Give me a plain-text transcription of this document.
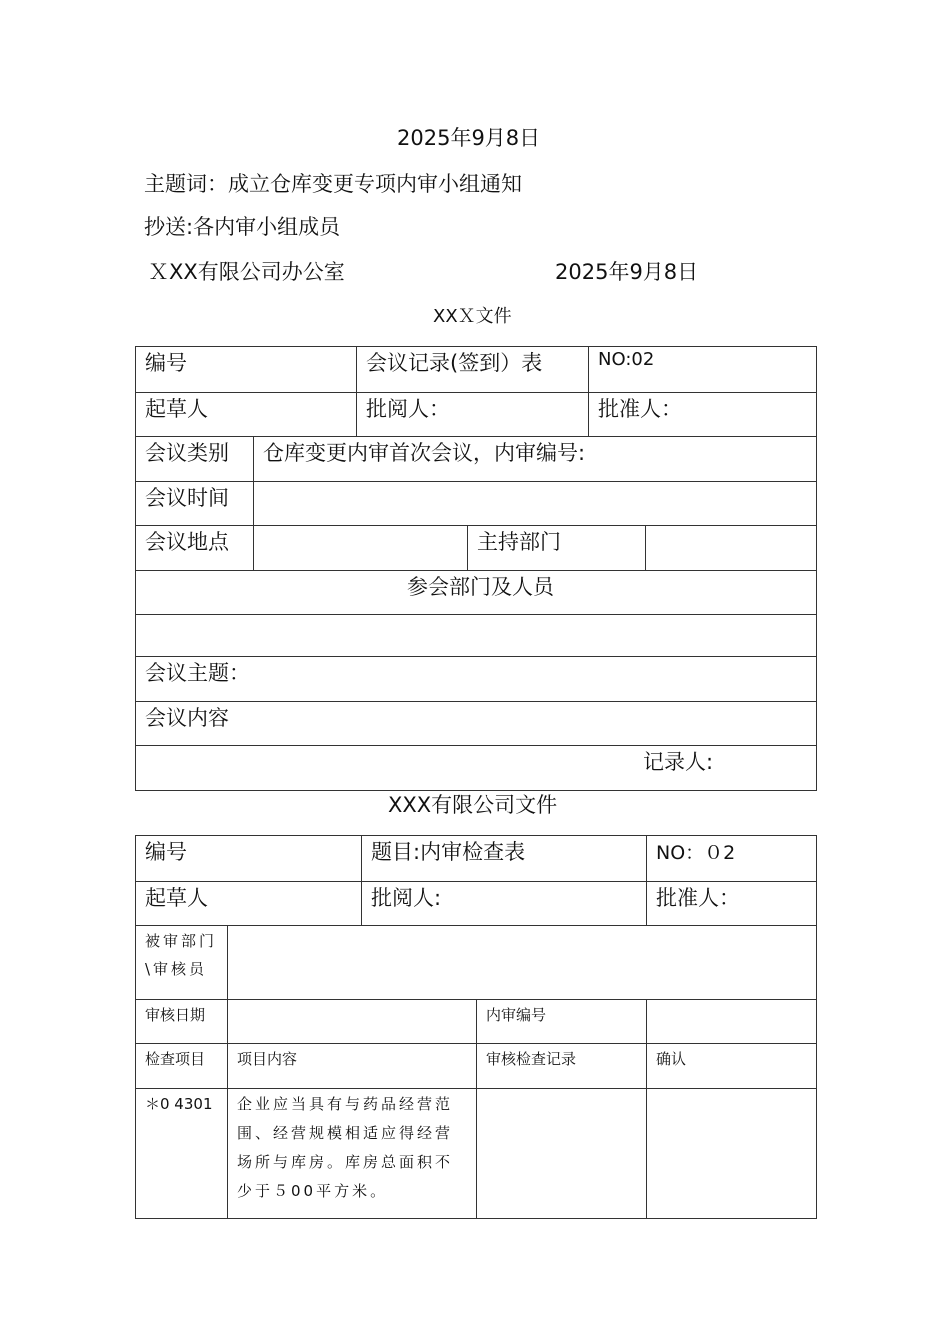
2025年9月8日
主题词：成立仓库变更专项内审小组通知
抄送:各内审小组成员
ＸXX有限公司办公室	2025年9月8日
XXＸ文件
编号		会议记录(签到）表		NO:02	
起草人		批阅人：		批准人：	
会议类别	仓库变更内审首次会议，内审编号:				
会议时间					
会议地点			主持部门		
参会部门及人员					

会议主题：					
会议内容					
记录人:					
XXX有限公司文件
编号		题目:内审检查表		NO：０2
起草人		批阅人:		批准人：
被审部门\审核员				
审核日期			内审编号	
检查项目	项目内容		审核检查记录	确认
＊0 4301	企业应当具有与药品经营范围、经营规模相适应得经营场所与库房。库房总面积不少于５00平方米。			
